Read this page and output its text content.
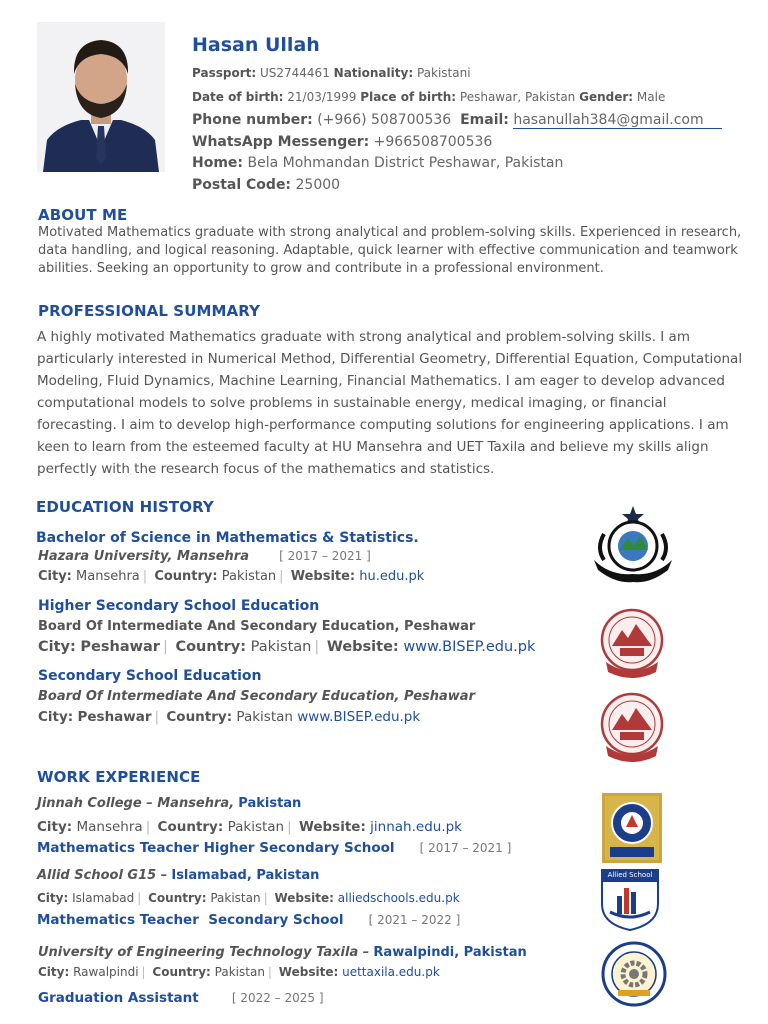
Hasan Ullah
Passport: US2744461 Nationality: Pakistani
Date of birth: 21/03/1999 Place of birth: Peshawar, Pakistan Gender: Male
Phone number: (+966) 508700536 Email: hasanullah384@gmail.com
WhatsApp Messenger: +966508700536
Home: Bela Mohmandan District Peshawar, Pakistan
Postal Code: 25000
ABOUT ME
Motivated Mathematics graduate with strong analytical and problem-solving skills. Experienced in research, data handling, and logical reasoning. Adaptable, quick learner with effective communication and teamwork abilities. Seeking an opportunity to grow and contribute in a professional environment.
PROFESSIONAL SUMMARY
A highly motivated Mathematics graduate with strong analytical and problem-solving skills. I am particularly interested in Numerical Method, Differential Geometry, Differential Equation, Computational Modeling, Fluid Dynamics, Machine Learning, Financial Mathematics. I am eager to develop advanced computational models to solve problems in sustainable energy, medical imaging, or financial forecasting. I aim to develop high-performance computing solutions for engineering applications. I am keen to learn from the esteemed faculty at HU Mansehra and UET Taxila and believe my skills align perfectly with the research focus of the mathematics and statistics.
EDUCATION HISTORY
Bachelor of Science in Mathematics & Statistics.
Hazara University, Mansehra	[ 2017 – 2021 ]
City: Mansehra | Country: Pakistan | Website: hu.edu.pk
Higher Secondary School Education
Board Of Intermediate And Secondary Education, Peshawar
City: Peshawar | Country: Pakistan | Website: www.BISEP.edu.pk
Secondary School Education
Board Of Intermediate And Secondary Education, Peshawar
City: Peshawar | Country: Pakistan www.BISEP.edu.pk
WORK EXPERIENCE
Jinnah College – Mansehra, Pakistan
City: Mansehra | Country: Pakistan | Website: jinnah.edu.pk
Mathematics Teacher Higher Secondary School [ 2017 – 2021 ]
Allid School G15 – Islamabad, Pakistan
City: Islamabad | Country: Pakistan | Website: alliedschools.edu.pk
Mathematics Teacher  Secondary School [ 2021 – 2022 ]
University of Engineering Technology Taxila – Rawalpindi, Pakistan
City: Rawalpindi | Country: Pakistan | Website: uettaxila.edu.pk
Graduation Assistant	[ 2022 – 2025 ]
Allied School
